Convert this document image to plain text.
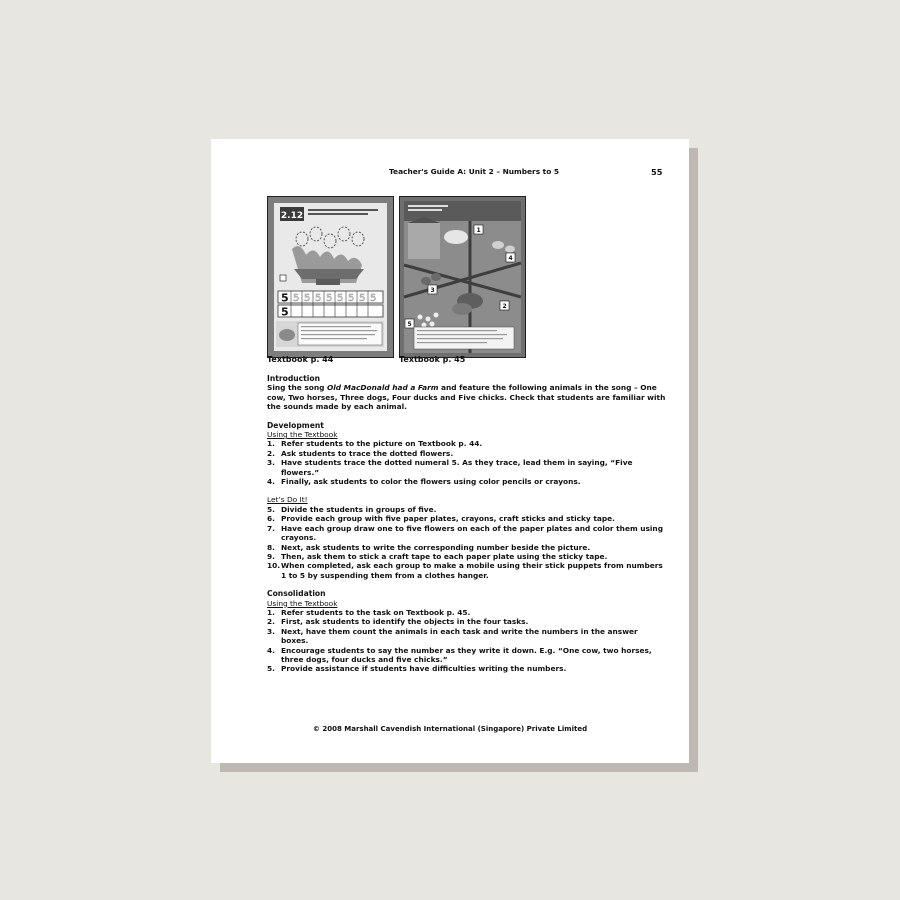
Teacher's Guide A: Unit 2 – Numbers to 5	55
2.12
5
5
5 5 5 5 5 5 5 5
1
4
3
2
5
Textbook p. 44	Textbook p. 45
Introduction
Sing the song Old MacDonald had a Farm and feature the following animals in the song – One cow, Two horses, Three dogs, Four ducks and Five chicks. Check that students are familiar with the sounds made by each animal.
Development
Using the Textbook
1. Refer students to the picture on Textbook p. 44.
2. Ask students to trace the dotted flowers.
3. Have students trace the dotted numeral 5. As they trace, lead them in saying, “Five flowers.”
4. Finally, ask students to color the flowers using color pencils or crayons.
Let’s Do It!
5. Divide the students in groups of five.
6. Provide each group with five paper plates, crayons, craft sticks and sticky tape.
7. Have each group draw one to five flowers on each of the paper plates and color them using crayons.
8. Next, ask students to write the corresponding number beside the picture.
9. Then, ask them to stick a craft tape to each paper plate using the sticky tape.
10. When completed, ask each group to make a mobile using their stick puppets from numbers 1 to 5 by suspending them from a clothes hanger.
Consolidation
Using the Textbook
1. Refer students to the task on Textbook p. 45.
2. First, ask students to identify the objects in the four tasks.
3. Next, have them count the animals in each task and write the numbers in the answer boxes.
4. Encourage students to say the number as they write it down. E.g. “One cow, two horses, three dogs, four ducks and five chicks.”
5. Provide assistance if students have difficulties writing the numbers.
© 2008 Marshall Cavendish International (Singapore) Private Limited
